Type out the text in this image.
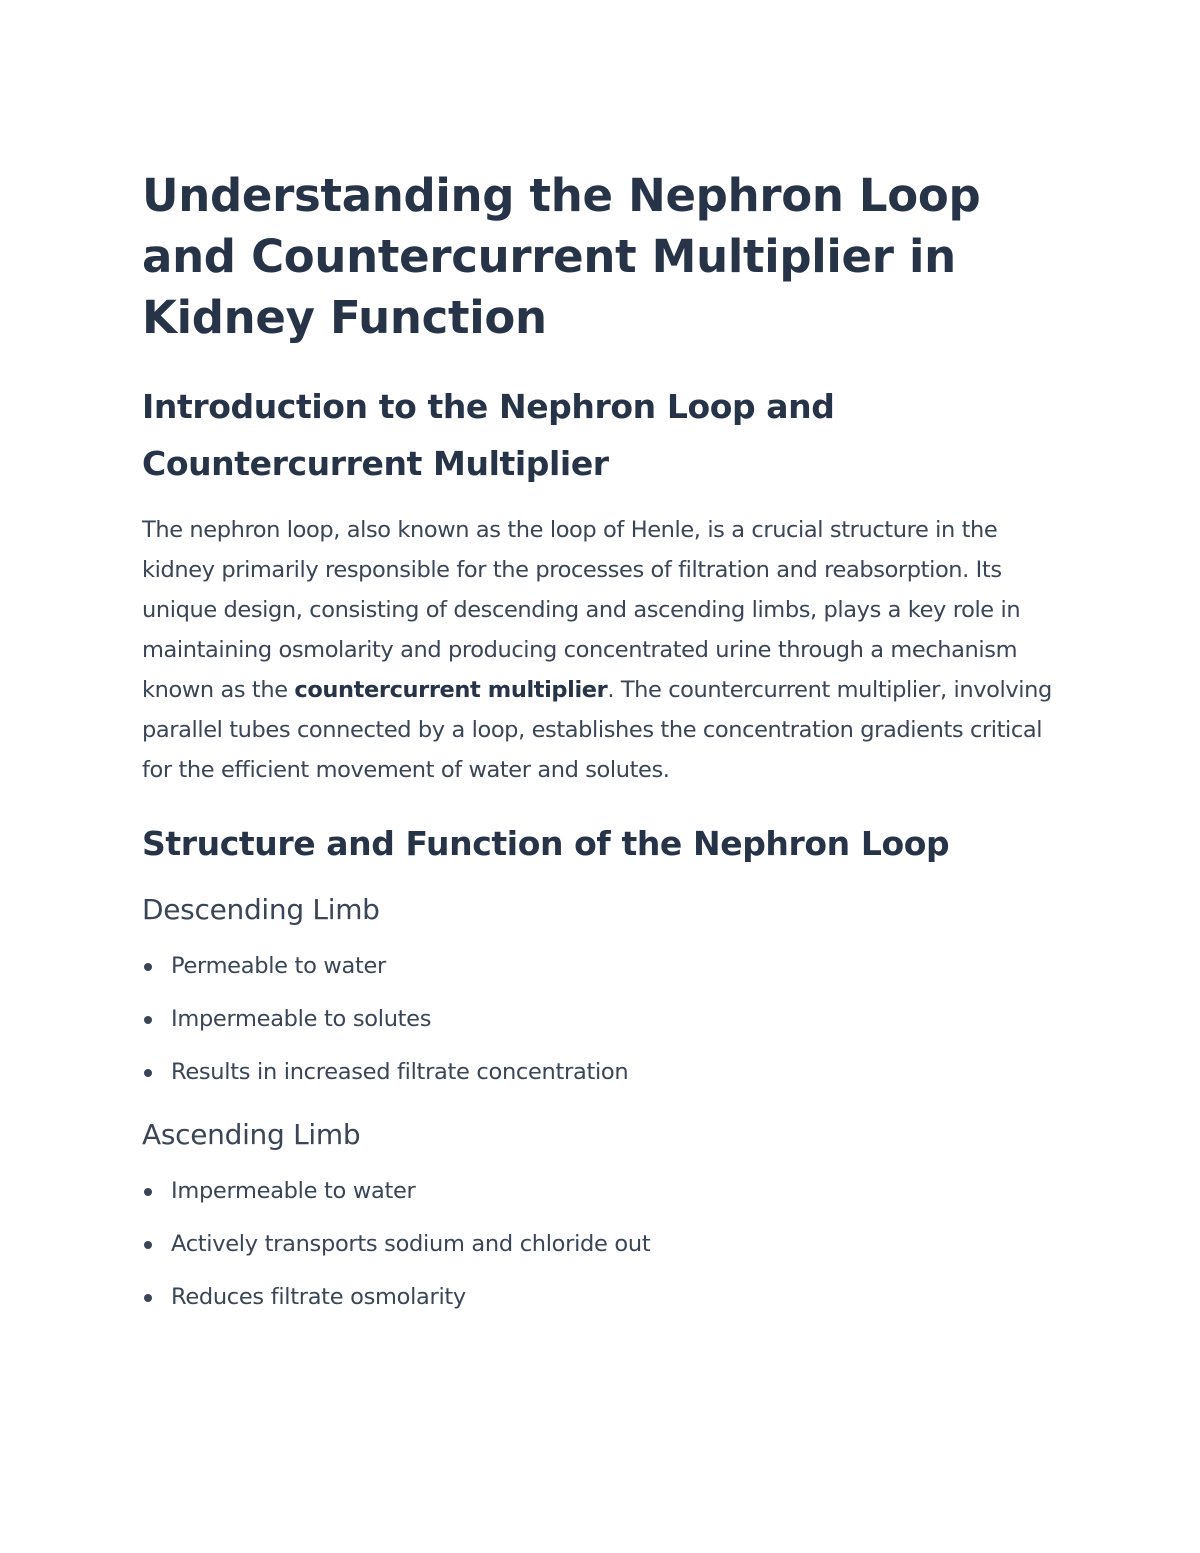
Understanding the Nephron Loop and Countercurrent Multiplier in Kidney Function
Introduction to the Nephron Loop and Countercurrent Multiplier

The nephron loop, also known as the loop of Henle, is a crucial structure in the kidney primarily responsible for the processes of filtration and reabsorption. Its unique design, consisting of descending and ascending limbs, plays a key role in maintaining osmolarity and producing concentrated urine through a mechanism known as the countercurrent multiplier. The countercurrent multiplier, involving parallel tubes connected by a loop, establishes the concentration gradients critical for the efficient movement of water and solutes.

Structure and Function of the Nephron Loop
Descending Limb
Permeable to water
Impermeable to solutes
Results in increased filtrate concentration
Ascending Limb
Impermeable to water
Actively transports sodium and chloride out
Reduces filtrate osmolarity
